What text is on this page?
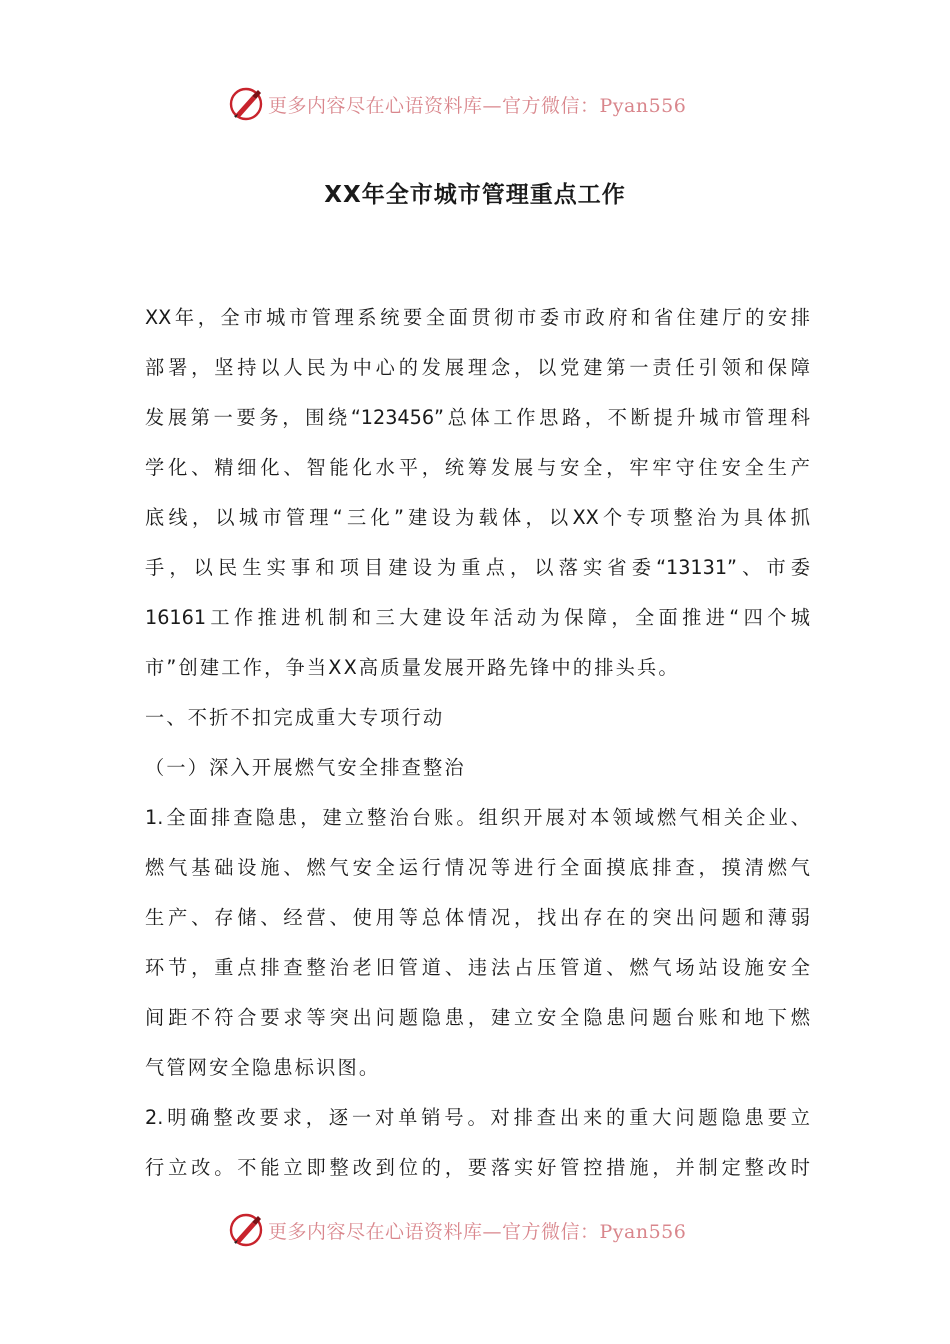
更多内容尽在心语资料库—官方微信：Pyan556
XX年全市城市管理重点工作
XX年，全市城市管理系统要全面贯彻市委市政府和省住建厅的安排
部署，坚持以人民为中心的发展理念，以党建第一责任引领和保障
发展第一要务，围绕“123456”总体工作思路，不断提升城市管理科
学化、精细化、智能化水平，统筹发展与安全，牢牢守住安全生产
底线，以城市管理“三化”建设为载体，以XX个专项整治为具体抓
手，以民生实事和项目建设为重点，以落实省委“13131”、市委
16161工作推进机制和三大建设年活动为保障，全面推进“四个城
市”创建工作，争当XX高质量发展开路先锋中的排头兵。
一、不折不扣完成重大专项行动
（一）深入开展燃气安全排查整治
1.全面排查隐患，建立整治台账。组织开展对本领域燃气相关企业、
燃气基础设施、燃气安全运行情况等进行全面摸底排查，摸清燃气
生产、存储、经营、使用等总体情况，找出存在的突出问题和薄弱
环节，重点排查整治老旧管道、违法占压管道、燃气场站设施安全
间距不符合要求等突出问题隐患，建立安全隐患问题台账和地下燃
气管网安全隐患标识图。
2.明确整改要求，逐一对单销号。对排查出来的重大问题隐患要立
行立改。不能立即整改到位的，要落实好管控措施，并制定整改时
更多内容尽在心语资料库—官方微信：Pyan556
